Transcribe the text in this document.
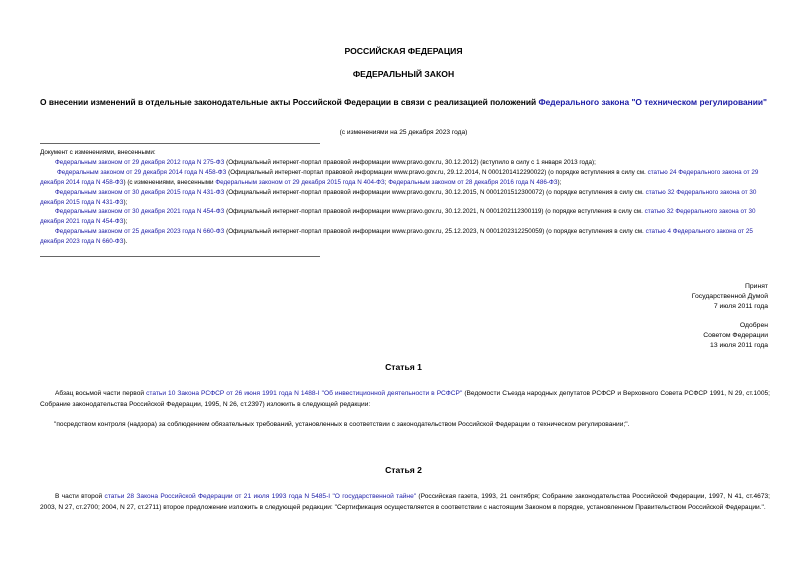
РОССИЙСКАЯ ФЕДЕРАЦИЯ
ФЕДЕРАЛЬНЫЙ ЗАКОН
О внесении изменений в отдельные законодательные акты Российской Федерации в связи с реализацией положений Федерального закона "О техническом регулировании"
(с изменениями на 25 декабря 2023 года)

Документ с изменениями, внесенными:

Федеральным законом от 29 декабря 2012 года N 275-ФЗ (Официальный интернет-портал правовой информации www.pravo.gov.ru, 30.12.2012) (вступило в силу с 1 января 2013 года);

Федеральным законом от 29 декабря 2014 года N 458-ФЗ (Официальный интернет-портал правовой информации www.pravo.gov.ru, 29.12.2014, N 0001201412290022) (о порядке вступления в силу см. статью 24 Федерального закона от 29 декабря 2014 года N 458-ФЗ) (с изменениями, внесенными Федеральным законом от 29 декабря 2015 года N 404-ФЗ; Федеральным законом от 28 декабря 2016 года N 486-ФЗ);

Федеральным законом от 30 декабря 2015 года N 431-ФЗ (Официальный интернет-портал правовой информации www.pravo.gov.ru, 30.12.2015, N 0001201512300072) (о порядке вступления в силу см. статью 32 Федерального закона от 30 декабря 2015 года N 431-ФЗ);

Федеральным законом от 30 декабря 2021 года N 454-ФЗ (Официальный интернет-портал правовой информации www.pravo.gov.ru, 30.12.2021, N 0001202112300119) (о порядке вступления в силу см. статью 32 Федерального закона от 30 декабря 2021 года N 454-ФЗ);

Федеральным законом от 25 декабря 2023 года N 660-ФЗ (Официальный интернет-портал правовой информации www.pravo.gov.ru, 25.12.2023, N 0001202312250059) (о порядке вступления в силу см. статью 4 Федерального закона от 25 декабря 2023 года N 660-ФЗ).

Принят
Государственной Думой
7 июля 2011 года
Одобрен
Советом Федерации
13 июля 2011 года
Статья 1
Абзац восьмой части первой статьи 10 Закона РСФСР от 26 июня 1991 года N 1488-I "Об инвестиционной деятельности в РСФСР" (Ведомости Съезда народных депутатов РСФСР и Верховного Совета РСФСР 1991, N 29, ст.1005; Собрание законодательства Российской Федерации, 1995, N 26, ст.2397) изложить в следующей редакции:
"посредством контроля (надзора) за соблюдением обязательных требований, установленных в соответствии с законодательством Российской Федерации о техническом регулировании;".
Статья 2
В части второй статьи 28 Закона Российской Федерации от 21 июля 1993 года N 5485-I "О государственной тайне" (Российская газета, 1993, 21 сентября; Собрание законодательства Российской Федерации, 1997, N 41, ст.4673; 2003, N 27, ст.2700; 2004, N 27, ст.2711) второе предложение изложить в следующей редакции: "Сертификация осуществляется в соответствии с настоящим Законом в порядке, установленном Правительством Российской Федерации.".
